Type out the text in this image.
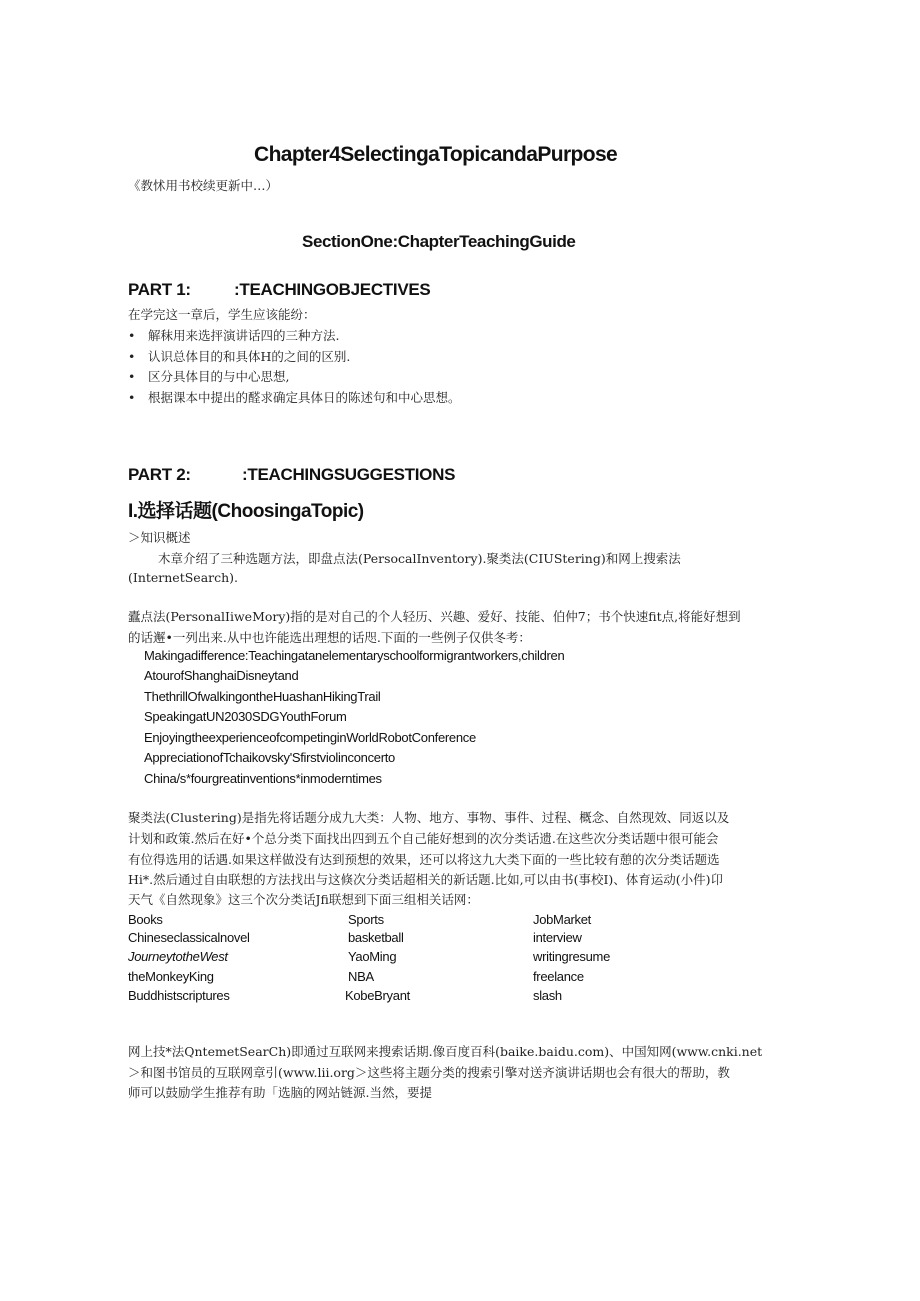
Chapter4SelectingaTopicandaPurpose
《教怵用书校续更新中…）
SectionOne:ChapterTeachingGuide
PART 1:	:TEACHINGOBJECTIVES
在学完这一章后，学生应该能纷：
• 解秣用来选抨演讲话四的三种方法.
• 认识总体目的和具体H的之间的区别.
• 区分具体目的与中心思想,
• 根据课本中提出的醛求确定具体日的陈述句和中心思想。
PART 2:	:TEACHINGSUGGESTIONS
I.选择话题(ChoosingaTopic)
＞知识概述
木章介绍了三种选题方法，即盘点法(PersocalInventory).聚类法(CIUStering)和网上搜索法
(InternetSearch).
蠹点法(PersonalIiweMory)指的是对自己的个人轻历、兴趣、爱好、技能、伯仲7；书个快速fit点,将能好想到
的话邂•一列出来.从中也许能选出理想的话咫.下面的一些例子仅供冬考：
Makingadifference:Teachingatanelementaryschoolformigrantworkers,children
AtourofShanghaiDisneytand
ThethrillOfwalkingontheHuashanHikingTrail
SpeakingatUN2030SDGYouthForum
EnjoyingtheexperienceofcompetinginWorldRobotConference
AppreciationofTchaikovsky'Sfirstviolinconcerto
China/s*fourgreatinventions*inmoderntimes
聚类法(Clustering)是指先将话题分成九大类：人物、地方、事物、事件、过程、概念、自然现效、同返以及
计划和政策.然后在好•个总分类下面找出四到五个自己能好想到的次分类话遗.在这些次分类话题中很可能会
有位得选用的话遇.如果这样做没有达到预想的效果，还可以将这九大类下面的一些比较有憩的次分类话题选
Hi*.然后通过自由联想的方法找出与这倏次分类话超相关的新话题.比如,可以由书(事校I)、体育运动(小件)卬
天气《自然现象》这三个次分类话Jfi联想到下面三组相关话网：
Books
Chineseclassicalnovel
JourneytotheWest
theMonkeyKing
Buddhistscriptures
Sports
basketball
YaoMing
NBA
KobeBryant
JobMarket
interview
writingresume
freelance
slash
网上技*法QntemetSearCh)即通过互联网来搜索话期.像百度百科(baike.baidu.com)、中国知网(www.cnki.net
＞和图书馆员的互联网章引(www.lii.org＞这些将主题分类的搜索引擎对送齐演讲话期也会有很大的帮助，教
师可以鼓励学生推荐有助「选脑的网站链源.当然，要提
